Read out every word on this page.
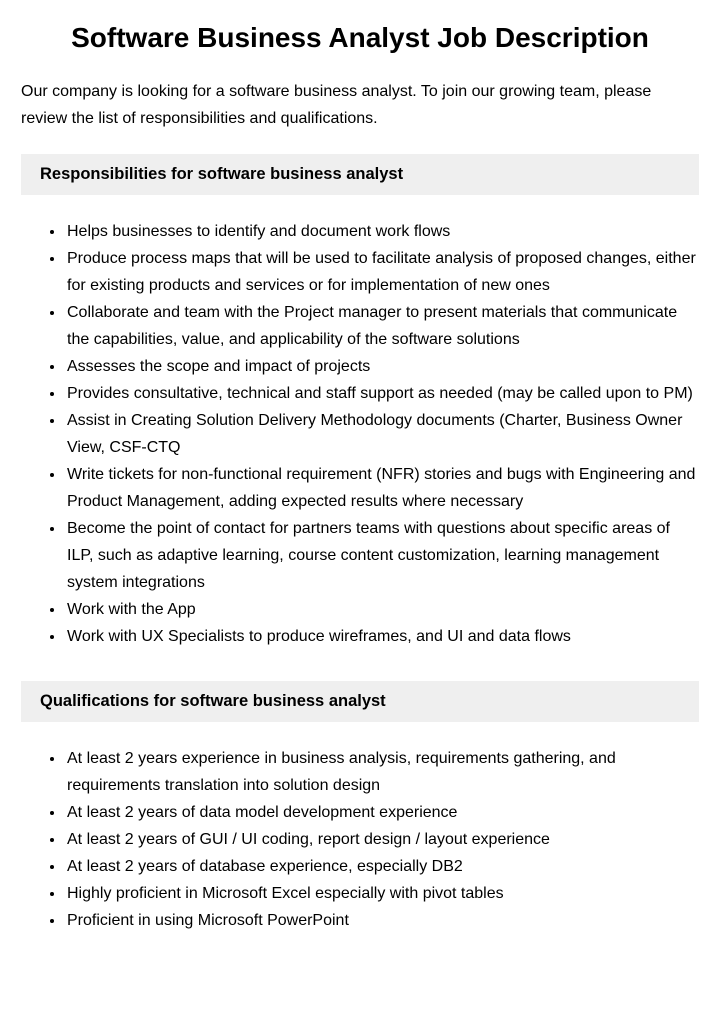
Software Business Analyst Job Description

Our company is looking for a software business analyst. To join our growing team, please review the list of responsibilities and qualifications.

Responsibilities for software business analyst
• Helps businesses to identify and document work flows
• Produce process maps that will be used to facilitate analysis of proposed changes, either for existing products and services or for implementation of new ones
• Collaborate and team with the Project manager to present materials that communicate the capabilities, value, and applicability of the software solutions
• Assesses the scope and impact of projects
• Provides consultative, technical and staff support as needed (may be called upon to PM)
• Assist in Creating Solution Delivery Methodology documents (Charter, Business Owner View, CSF-CTQ
• Write tickets for non-functional requirement (NFR) stories and bugs with Engineering and Product Management, adding expected results where necessary
• Become the point of contact for partners teams with questions about specific areas of ILP, such as adaptive learning, course content customization, learning management system integrations
• Work with the App
• Work with UX Specialists to produce wireframes, and UI and data flows
Qualifications for software business analyst
• At least 2 years experience in business analysis, requirements gathering, and requirements translation into solution design
• At least 2 years of data model development experience
• At least 2 years of GUI / UI coding, report design / layout experience
• At least 2 years of database experience, especially DB2
• Highly proficient in Microsoft Excel especially with pivot tables
• Proficient in using Microsoft PowerPoint
